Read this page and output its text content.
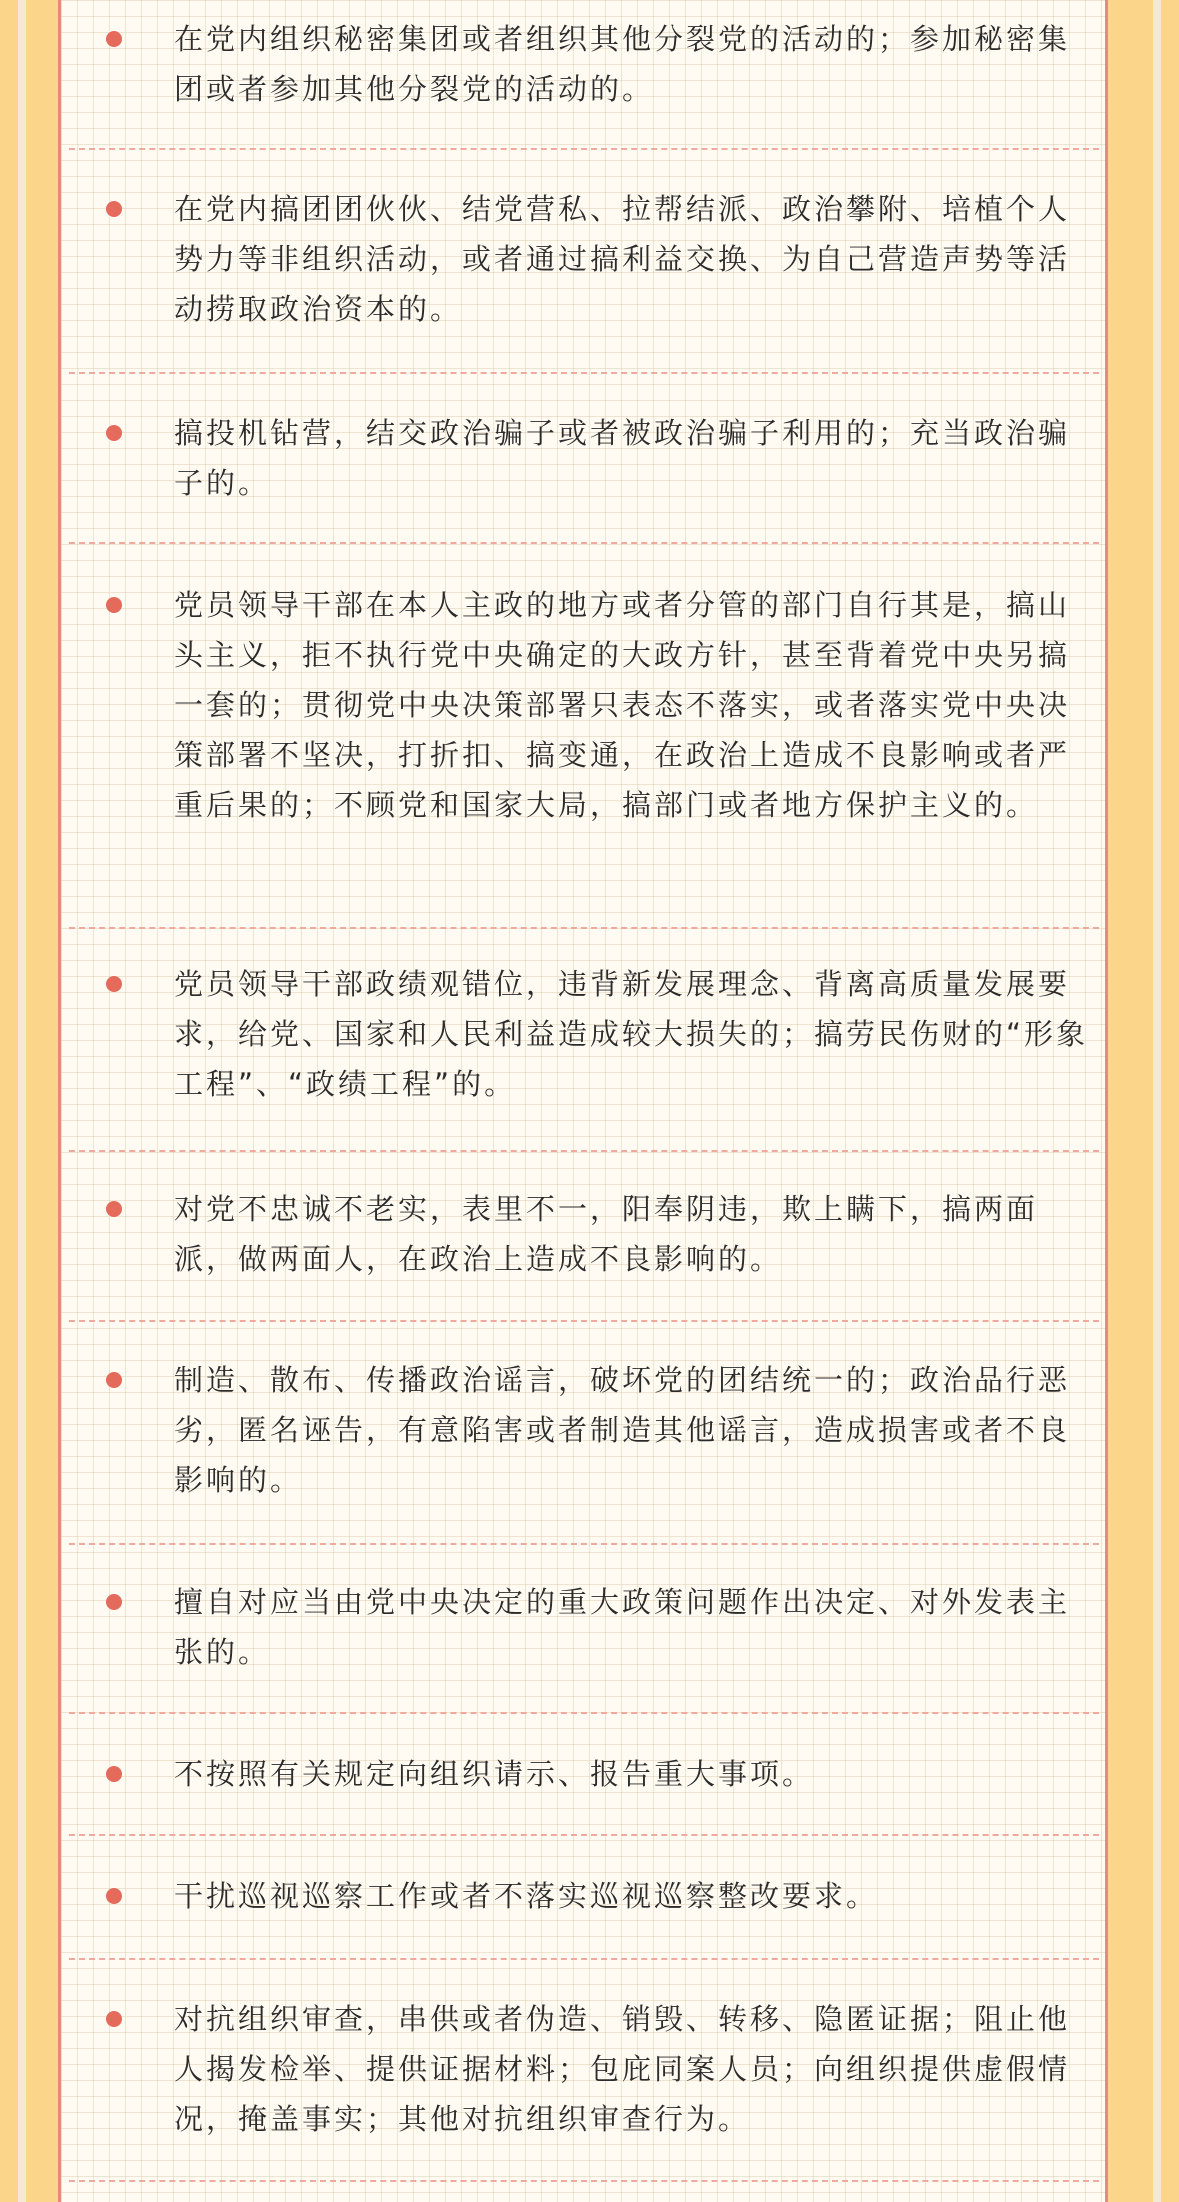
在党内组织秘密集团或者组织其他分裂党的活动的；参加秘密集团或者参加其他分裂党的活动的。

在党内搞团团伙伙、结党营私、拉帮结派、政治攀附、培植个人势力等非组织活动，或者通过搞利益交换、为自己营造声势等活动捞取政治资本的。

搞投机钻营，结交政治骗子或者被政治骗子利用的；充当政治骗子的。

党员领导干部在本人主政的地方或者分管的部门自行其是，搞山头主义，拒不执行党中央确定的大政方针，甚至背着党中央另搞一套的；贯彻党中央决策部署只表态不落实，或者落实党中央决策部署不坚决，打折扣、搞变通，在政治上造成不良影响或者严重后果的；不顾党和国家大局，搞部门或者地方保护主义的。

党员领导干部政绩观错位，违背新发展理念、背离高质量发展要求，给党、国家和人民利益造成较大损失的；搞劳民伤财的“形象工程”、“政绩工程”的。

对党不忠诚不老实，表里不一，阳奉阴违，欺上瞒下，搞两面派，做两面人，在政治上造成不良影响的。

制造、散布、传播政治谣言，破坏党的团结统一的；政治品行恶劣，匿名诬告，有意陷害或者制造其他谣言，造成损害或者不良影响的。

擅自对应当由党中央决定的重大政策问题作出决定、对外发表主张的。

不按照有关规定向组织请示、报告重大事项。

干扰巡视巡察工作或者不落实巡视巡察整改要求。

对抗组织审查，串供或者伪造、销毁、转移、隐匿证据；阻止他人揭发检举、提供证据材料；包庇同案人员；向组织提供虚假情况，掩盖事实；其他对抗组织审查行为。
